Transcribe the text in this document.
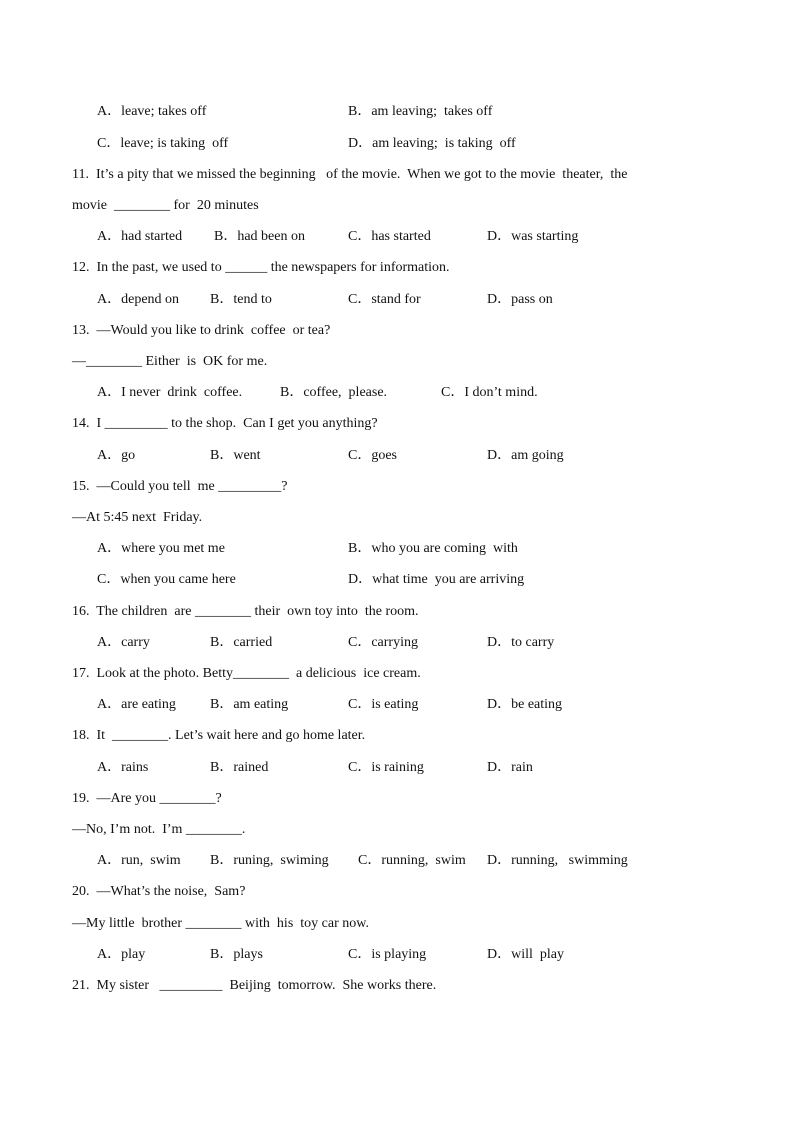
A．leave; takes off	B．am leaving;  takes off
C．leave; is taking  off	D．am leaving;  is taking  off
11.  It’s a pity that we missed the beginning   of the movie.  When we got to the movie  theater,  the
movie  ________ for  20 minutes
A．had started B．had been on	C．has started	D．was starting
12.  In the past, we used to ______ the newspapers for information.
A．depend on B．tend to	C．stand for	D．pass on
13.  —Would you like to drink  coffee  or tea?
—________ Either  is  OK for me.
A．I never  drink  coffee.	B．coffee,  please.	C．I don’t mind.
14.  I _________ to the shop.  Can I get you anything?
A．go	B．went	C．goes	D．am going
15.  —Could you tell  me _________?
—At 5:45 next  Friday.
A．where you met me	B．who you are coming  with
C．when you came here	D．what time  you are arriving
16.  The children  are ________ their  own toy into  the room.
A．carry	B．carried	C．carrying	D．to carry
17.  Look at the photo. Betty________  a delicious  ice cream.
A．are eating B．am eating	C．is eating	D．be eating
18.  It  ________. Let’s wait here and go home later.
A．rains	B．rained	C．is raining	D．rain
19.  —Are you ________?
—No, I’m not.  I’m ________.
A．run,  swim B．runing,  swiming C．running,  swim D．running,   swimming
20.  —What’s the noise,  Sam?
—My little  brother ________ with  his  toy car now.
A．play	B．plays	C．is playing	D．will  play
21.  My sister   _________  Beijing  tomorrow.  She works there.
